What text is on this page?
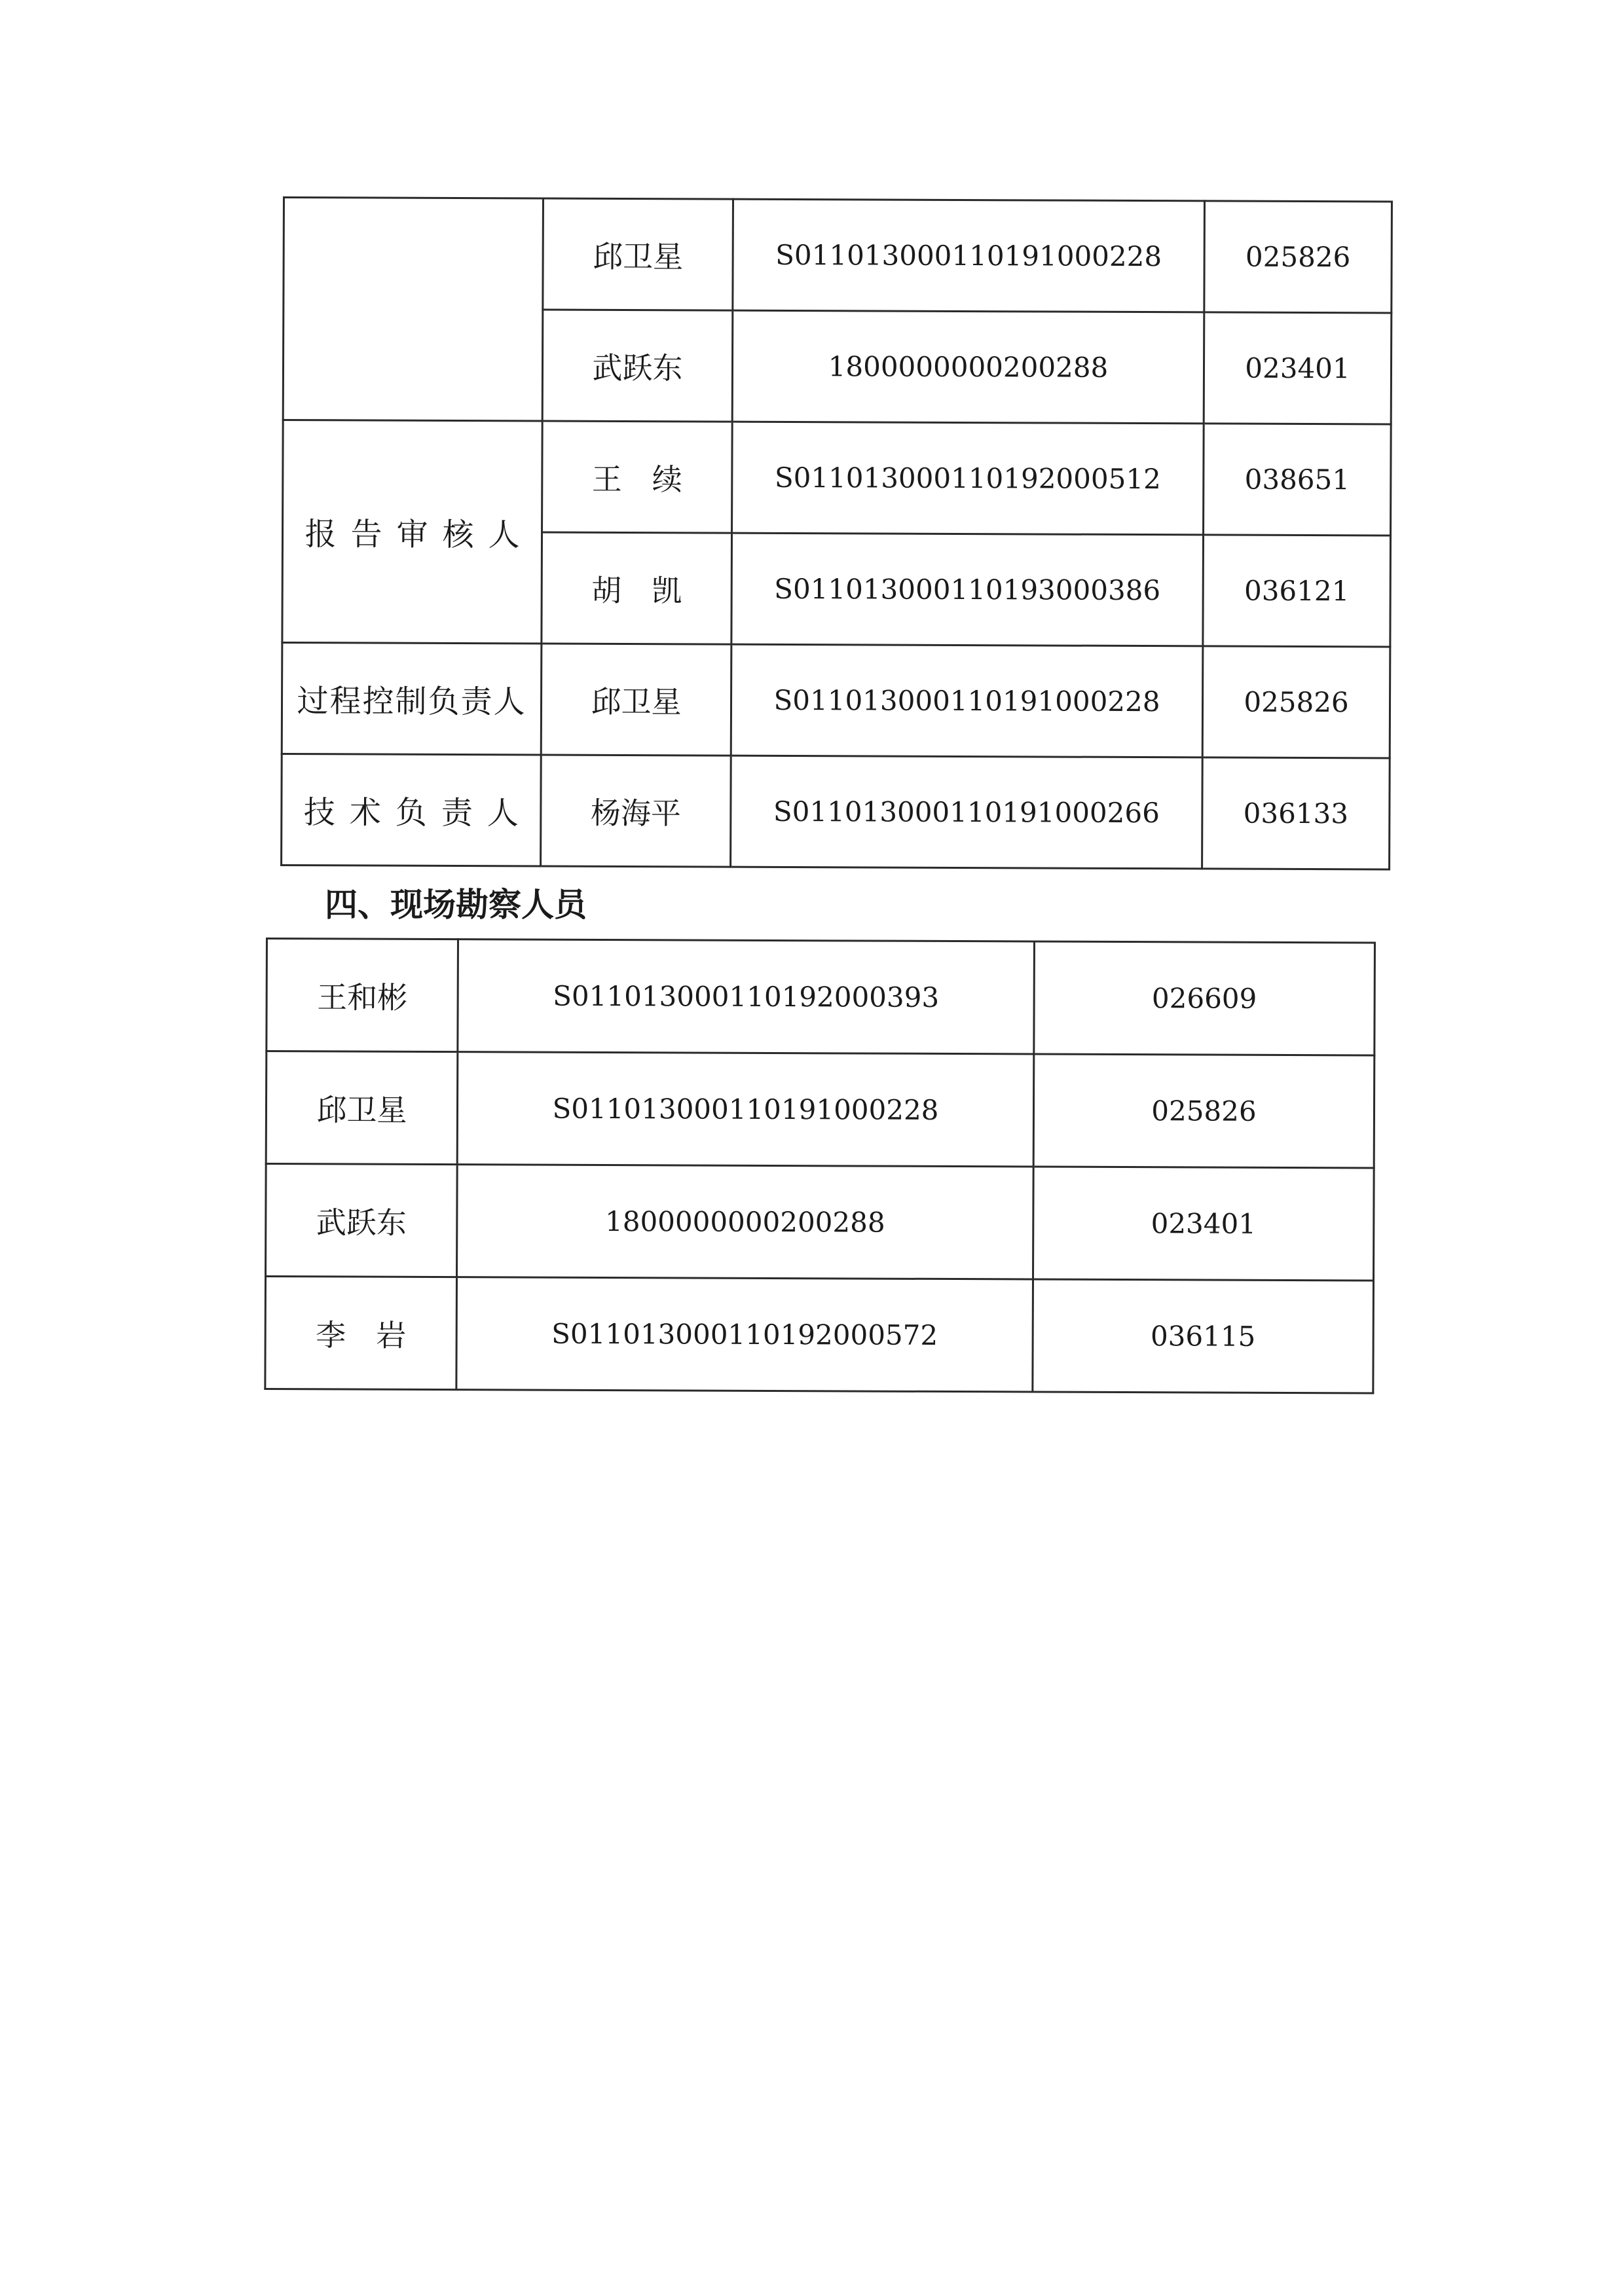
	邱卫星	S011013000110191000228	025826
	武跃东	1800000000200288	023401
报告审核人	王　续	S011013000110192000512	038651
	胡　凯	S011013000110193000386	036121
过程控制负责人	邱卫星	S011013000110191000228	025826
技术负责人	杨海平	S011013000110191000266	036133
四、现场勘察人员
王和彬	S011013000110192000393	026609
邱卫星	S011013000110191000228	025826
武跃东	1800000000200288	023401
李　岩	S011013000110192000572	036115
